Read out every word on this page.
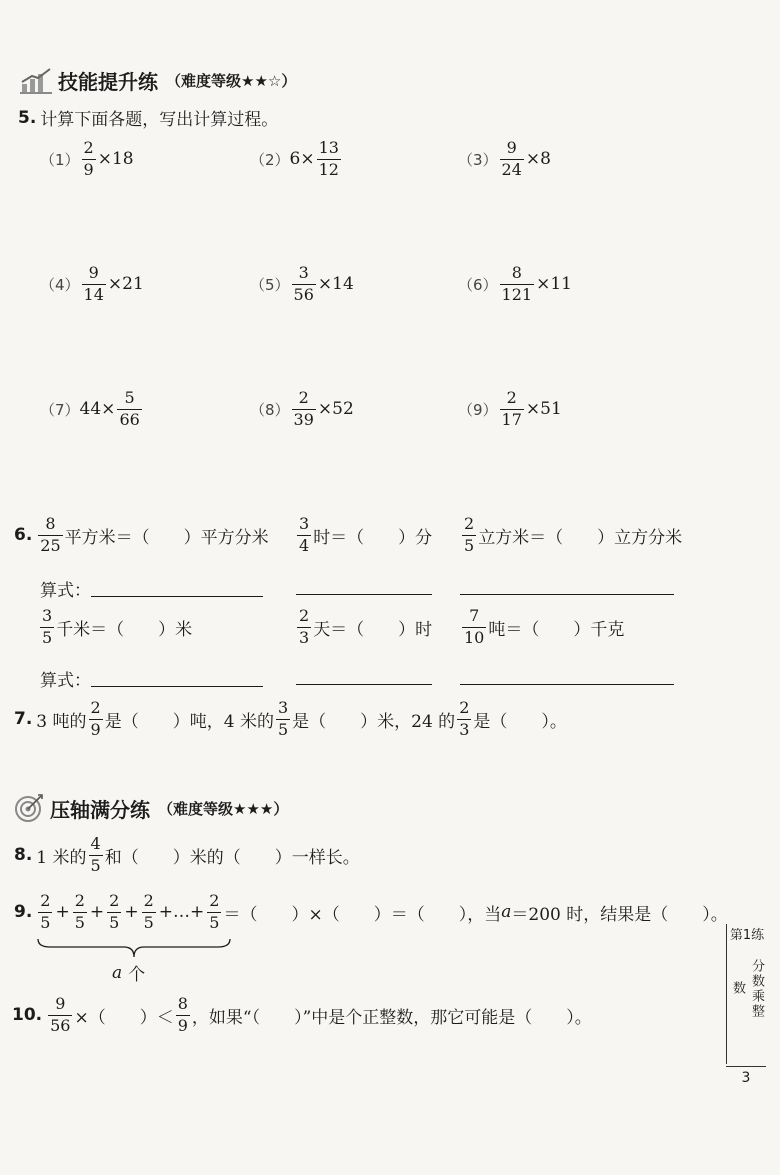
技能提升练 （难度等级★★☆）
5. 计算下面各题，写出计算过程。
$(1) \frac{2}{9} \times 18$	（2） $6\times \frac{13}{12}$	$(3) \frac{9}{24} \times 8$
$(4) \frac{9}{14} \times 21$	$(5) \frac{3}{56} \times 14$	$(6) \frac{8}{121} \times 11$
（7） $44\times \frac{5}{66}$	$(8) \frac{2}{39} \times 52$	$(9) \frac{2}{17} \times 51$
6. $\frac{8}{25}$ 平方米＝（　　）平方分米 $\frac{3}{4}$ 时＝（　　）分 $\frac{2}{5}$ 立方米＝（　　）立方分米
算式：
$\frac{3}{5}$ 千米＝（　　）米	$\frac{2}{3}$ 天＝（　　）时 $\frac{7}{10}$ 吨＝（　　）千克
算式：
7. 3 吨的 $\frac{2}{9}$ 是（　　）吨，4 米的 $\frac{3}{5}$ 是（　　）米，24 的 $\frac{2}{3}$ 是（　　）。
压轴满分练 （难度等级★★★）
8. 1 米的 $\frac{4}{5}$ 和（　　）米的（　　）一样长。
9. $\frac{2}{5} + \frac{2}{5} + \frac{2}{5} + \frac{2}{5}$ +…+ $\frac{2}{5}$ ＝（　　）×（　　）＝（　　），当 a ＝200 时，结果是（　　）。
a 个
10. $\frac{9}{56}$ ×（　　）＜ $\frac{8}{9}$ ，如果“（　　）”中是个正整数，那它可能是（　　）。
第1练
分数乘整数
3
